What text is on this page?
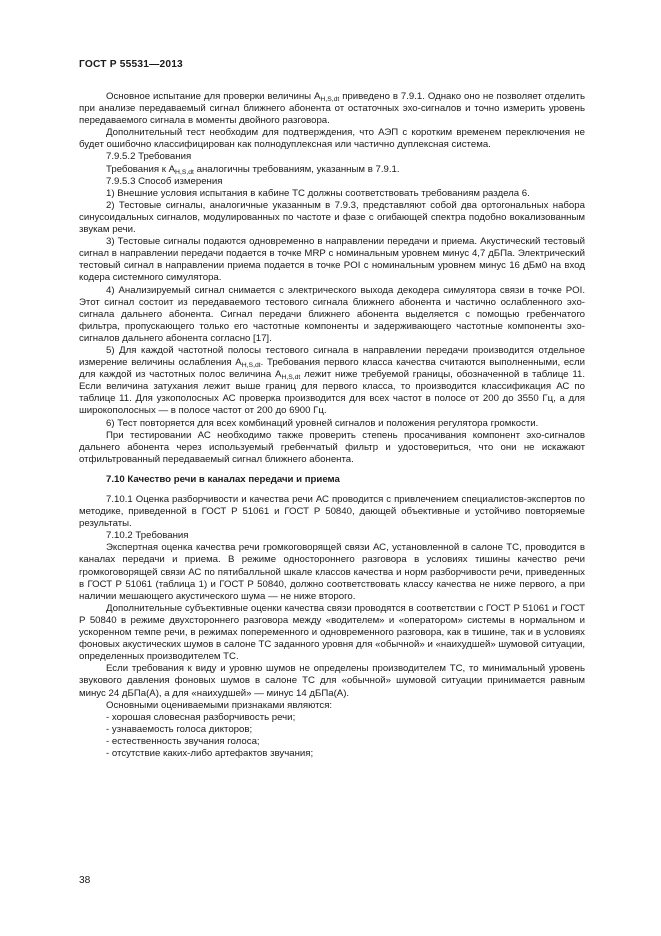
ГОСТ Р 55531—2013

Основное испытание для проверки величины $A_{H,S,dt}$ приведено в 7.9.1. Однако оно не позволяет отделить при анализе передаваемый сигнал ближнего абонента от остаточных эхо-сигналов и точно измерить уровень передаваемого сигнала в моменты двойного разговора.

Дополнительный тест необходим для подтверждения, что АЭП с коротким временем переключения не будет ошибочно классифицирован как полнодуплексная или частично дуплексная система.

7.9.5.2 Требования

Требования к $A_{H,S,dt}$ аналогичны требованиям, указанным в 7.9.1.

7.9.5.3 Способ измерения

1) Внешние условия испытания в кабине ТС должны соответствовать требованиям раздела 6.

2) Тестовые сигналы, аналогичные указанным в 7.9.3, представляют собой два ортогональных набора синусоидальных сигналов, модулированных по частоте и фазе с огибающей спектра подобно вокализованным звукам речи.

3) Тестовые сигналы подаются одновременно в направлении передачи и приема. Акустический тестовый сигнал в направлении передачи подается в точке MRP с номинальным уровнем минус 4,7 дБПа. Электрический тестовый сигнал в направлении приема подается в точке POI с номинальным уровнем минус 16 дБм0 на вход кодера системного симулятора.

4) Анализируемый сигнал снимается с электрического выхода декодера симулятора связи в точке POI. Этот сигнал состоит из передаваемого тестового сигнала ближнего абонента и частично ослабленного эхо-сигнала дальнего абонента. Сигнал передачи ближнего абонента выделяется с помощью гребенчатого фильтра, пропускающего только его частотные компоненты и задерживающего частотные компоненты эхо-сигналов дальнего абонента согласно [17].

5) Для каждой частотной полосы тестового сигнала в направлении передачи производится отдельное измерение величины ослабления $A_{H,S,dt}$. Требования первого класса качества считаются выполненными, если для каждой из частотных полос величина $A_{H,S,dt}$ лежит ниже требуемой границы, обозначенной в таблице 11. Если величина затухания лежит выше границ для первого класса, то производится классификация АС по таблице 11. Для узкополосных АС проверка производится для всех частот в полосе от 200 до 3550 Гц, а для широкополосных — в полосе частот от 200 до 6900 Гц.

6) Тест повторяется для всех комбинаций уровней сигналов и положения регулятора громкости.

При тестировании АС необходимо также проверить степень просачивания компонент эхо-сигналов дальнего абонента через используемый гребенчатый фильтр и удостовериться, что они не искажают отфильтрованный передаваемый сигнал ближнего абонента.

7.10 Качество речи в каналах передачи и приема

7.10.1 Оценка разборчивости и качества речи АС проводится с привлечением специалистов-экспертов по методике, приведенной в ГОСТ Р 51061 и ГОСТ Р 50840, дающей объективные и устойчиво повторяемые результаты.

7.10.2 Требования

Экспертная оценка качества речи громкоговорящей связи АС, установленной в салоне ТС, проводится в каналах передачи и приема. В режиме одностороннего разговора в условиях тишины качество речи громкоговорящей связи АС по пятибалльной шкале классов качества и норм разборчивости речи, приведенных в ГОСТ Р 51061 (таблица 1) и ГОСТ Р 50840, должно соответствовать классу качества не ниже первого, а при наличии мешающего акустического шума — не ниже второго.

Дополнительные субъективные оценки качества связи проводятся в соответствии с ГОСТ Р 51061 и ГОСТ Р 50840 в режиме двухстороннего разговора между «водителем» и «оператором» системы в нормальном и ускоренном темпе речи, в режимах попеременного и одновременного разговора, как в тишине, так и в условиях фоновых акустических шумов в салоне ТС заданного уровня для «обычной» и «наихудшей» шумовой ситуации, определенных производителем ТС.

Если требования к виду и уровню шумов не определены производителем ТС, то минимальный уровень звукового давления фоновых шумов в салоне ТС для «обычной» шумовой ситуации принимается равным минус 24 дБПа(А), а для «наихудшей» — минус 14 дБПа(А).

Основными оцениваемыми признаками являются:

- хорошая словесная разборчивость речи;

- узнаваемость голоса дикторов;

- естественность звучания голоса;

- отсутствие каких-либо артефактов звучания;

38
